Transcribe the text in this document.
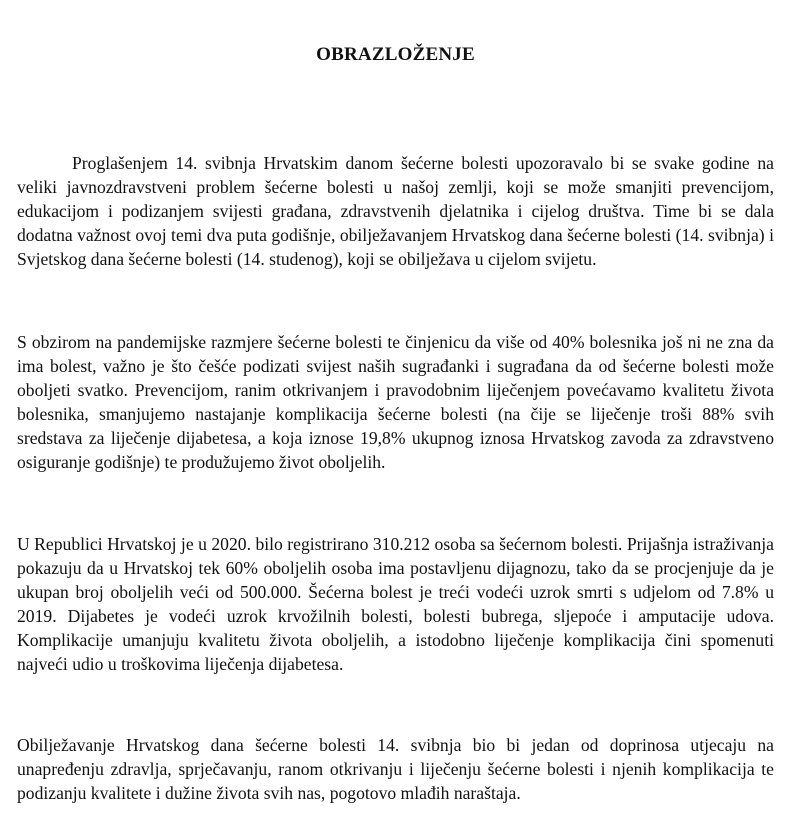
OBRAZLOŽENJE

Proglašenjem 14. svibnja Hrvatskim danom šećerne bolesti upozoravalo bi se svake godine na veliki javnozdravstveni problem šećerne bolesti u našoj zemlji, koji se može smanjiti prevencijom, edukacijom i podizanjem svijesti građana, zdravstvenih djelatnika i cijelog društva. Time bi se dala dodatna važnost ovoj temi dva puta godišnje, obilježavanjem Hrvatskog dana šećerne bolesti (14. svibnja) i Svjetskog dana šećerne bolesti (14. studenog), koji se obilježava u cijelom svijetu.

S obzirom na pandemijske razmjere šećerne bolesti te činjenicu da više od 40% bolesnika još ni ne zna da ima bolest, važno je što češće podizati svijest naših sugrađanki i sugrađana da od šećerne bolesti može oboljeti svatko. Prevencijom, ranim otkrivanjem i pravodobnim liječenjem povećavamo kvalitetu života bolesnika, smanjujemo nastajanje komplikacija šećerne bolesti (na čije se liječenje troši 88% svih sredstava za liječenje dijabetesa, a koja iznose 19,8% ukupnog iznosa Hrvatskog zavoda za zdravstveno osiguranje godišnje) te produžujemo život oboljelih.

U Republici Hrvatskoj je u 2020. bilo registrirano 310.212 osoba sa šećernom bolesti. Prijašnja istraživanja pokazuju da u Hrvatskoj tek 60% oboljelih osoba ima postavljenu dijagnozu, tako da se procjenjuje da je ukupan broj oboljelih veći od 500.000. Šećerna bolest je treći vodeći uzrok smrti s udjelom od 7.8% u 2019. Dijabetes je vodeći uzrok krvožilnih bolesti, bolesti bubrega, sljepoće i amputacije udova. Komplikacije umanjuju kvalitetu života oboljelih, a istodobno liječenje komplikacija čini spomenuti najveći udio u troškovima liječenja dijabetesa.

Obilježavanje Hrvatskog dana šećerne bolesti 14. svibnja bio bi jedan od doprinosa utjecaju na unapređenju zdravlja, sprječavanju, ranom otkrivanju i liječenju šećerne bolesti i njenih komplikacija te podizanju kvalitete i dužine života svih nas, pogotovo mlađih naraštaja.
